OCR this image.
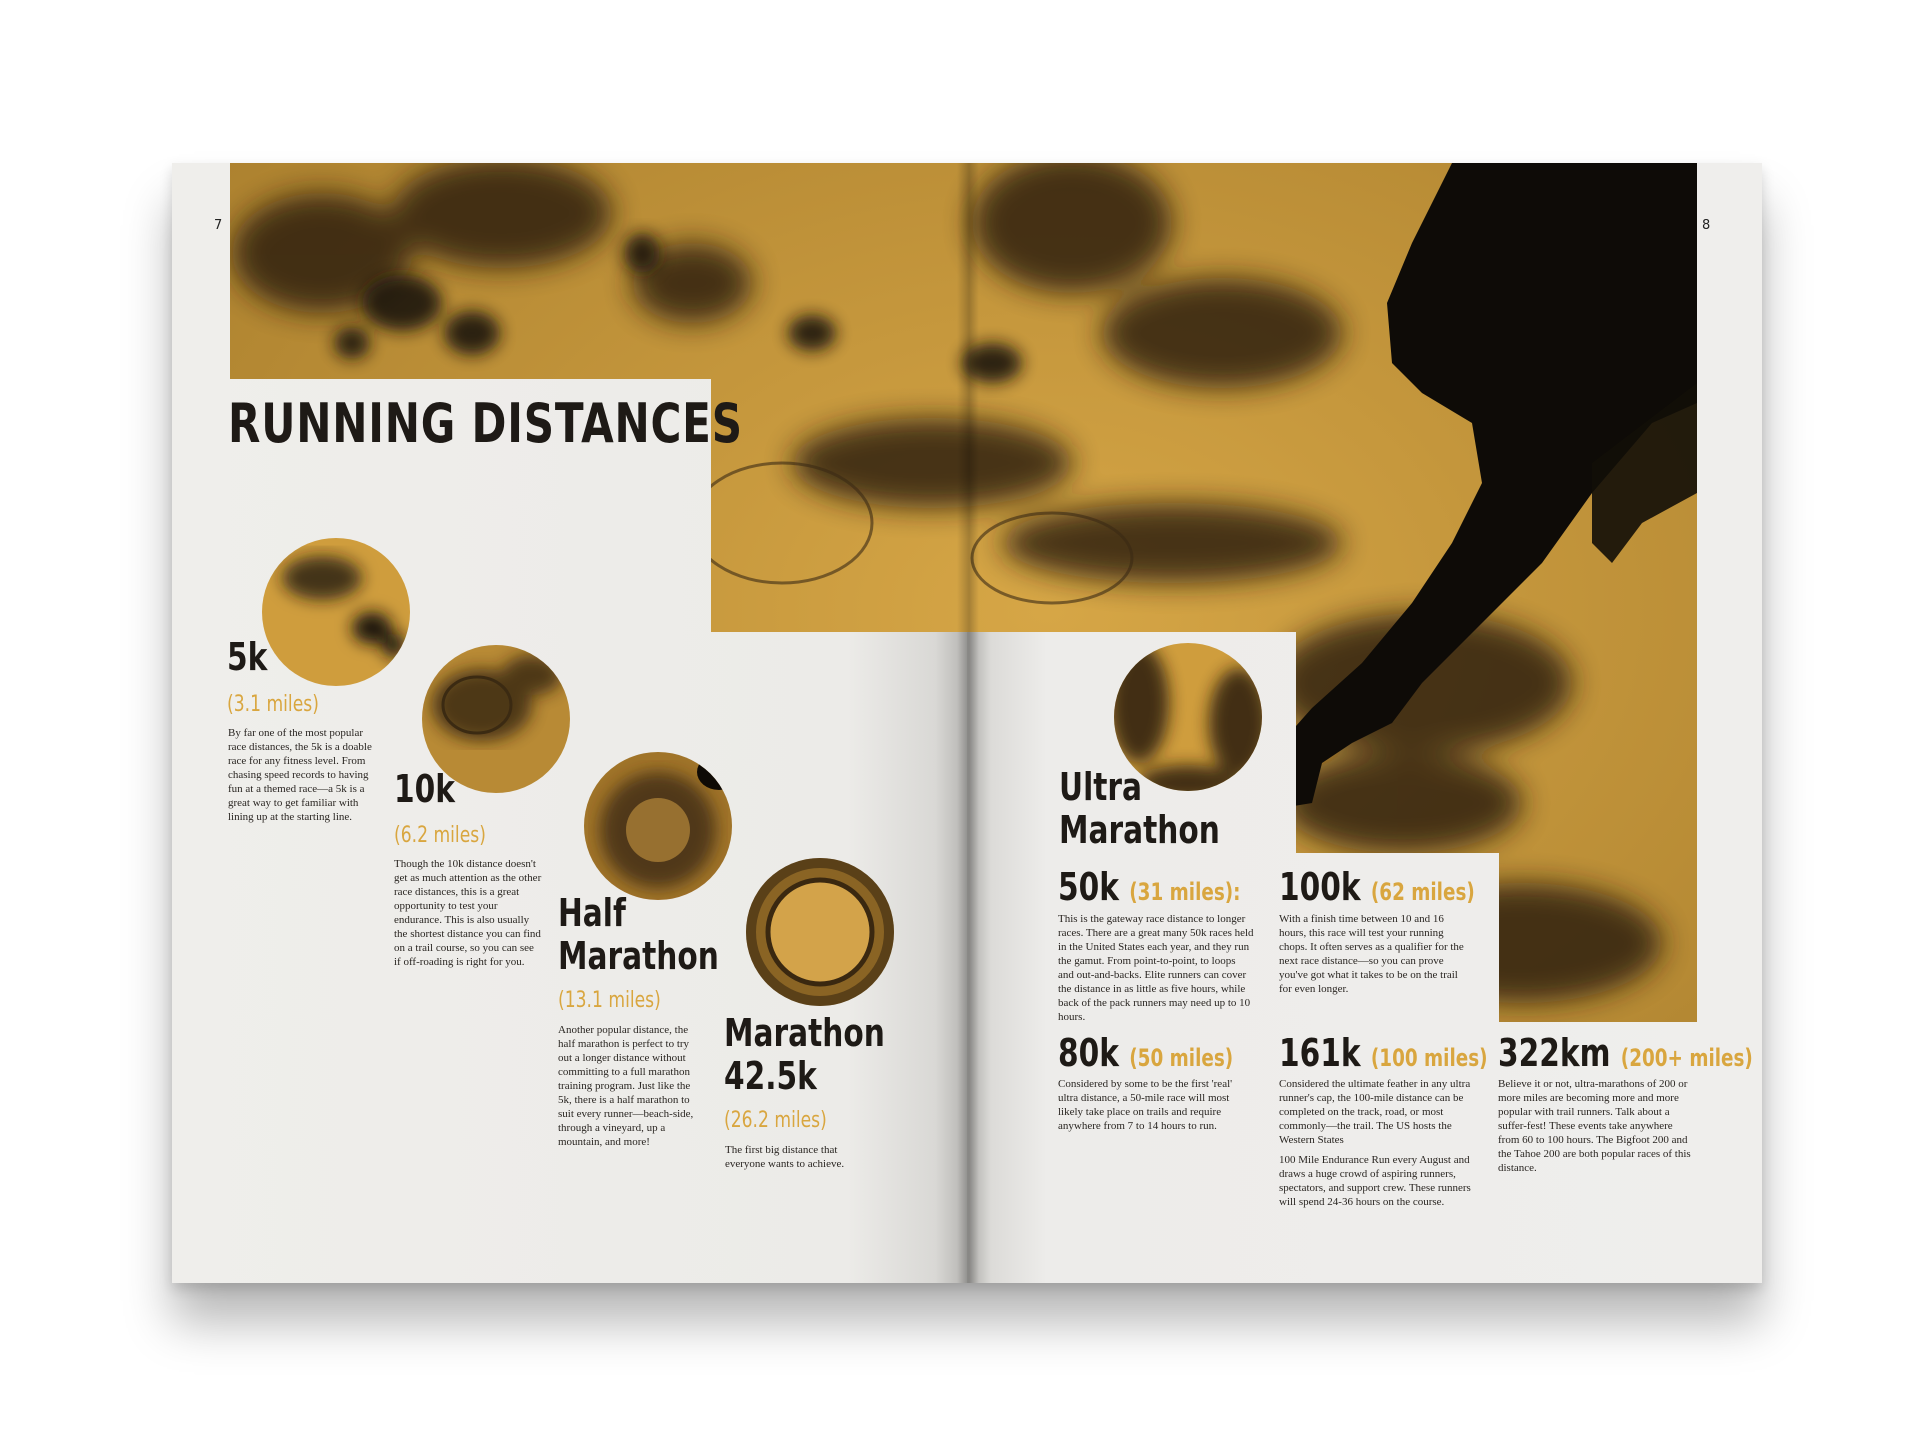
7	8
RUNNING DISTANCES
5k
(3.1 miles)
By far one of the most popular race distances, the 5k is a doable race for any fitness level. From chasing speed records to having fun at a themed race—a 5k is a great way to get familiar with lining up at the starting line.
10k
(6.2 miles)
Though the 10k distance doesn't get as much attention as the other race distances, this is a great opportunity to test your endurance. This is also usually the shortest distance you can find on a trail course, so you can see if off-roading is right for you.
Half
Marathon
(13.1 miles)
Another popular distance, the half marathon is perfect to try out a longer distance without committing to a full marathon training program. Just like the 5k, there is a half marathon to suit every runner—beach-side, through a vineyard, up a mountain, and more!
Marathon
42.5k
(26.2 miles)
The first big distance that everyone wants to achieve.
Ultra
Marathon
50k (31 miles):
This is the gateway race distance to longer races. There are a great many 50k races held in the United States each year, and they run the gamut. From point-to-point, to loops and out-and-backs. Elite runners can cover the distance in as little as five hours, while back of the pack runners may need up to 10 hours.
100k (62 miles)
With a finish time between 10 and 16 hours, this race will test your running chops. It often serves as a qualifier for the next race distance—so you can prove you've got what it takes to be on the trail for even longer.
80k (50 miles)
Considered by some to be the first 'real' ultra distance, a 50-mile race will most likely take place on trails and require anywhere from 7 to 14 hours to run.
161k (100 miles)
Considered the ultimate feather in any ultra runner's cap, the 100-mile distance can be completed on the track, road, or most commonly—the trail. The US hosts the Western States
100 Mile Endurance Run every August and draws a huge crowd of aspiring runners, spectators, and support crew. These runners will spend 24-36 hours on the course.
322km (200+ miles)
Believe it or not, ultra-marathons of 200 or more miles are becoming more and more popular with trail runners. Talk about a suffer-fest! These events take anywhere from 60 to 100 hours. The Bigfoot 200 and the Tahoe 200 are both popular races of this distance.
